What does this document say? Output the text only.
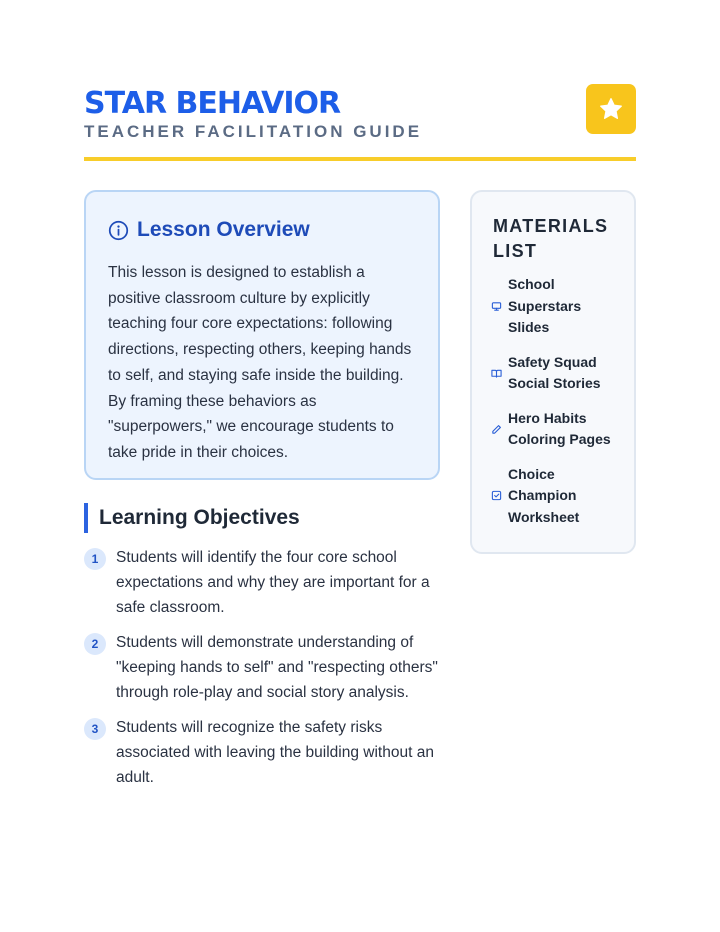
STAR BEHAVIOR
TEACHER FACILITATION GUIDE
Lesson Overview
This lesson is designed to establish a positive classroom culture by explicitly teaching four core expectations: following directions, respecting others, keeping hands to self, and staying safe inside the building. By framing these behaviors as "superpowers," we encourage students to take pride in their choices.
MATERIALS LIST
School Superstars Slides
Safety Squad Social Stories
Hero Habits Coloring Pages
Choice Champion Worksheet
Learning Objectives
1	Students will identify the four core school expectations and why they are important for a safe classroom.
2	Students will demonstrate understanding of "keeping hands to self" and "respecting others" through role-play and social story analysis.
3	Students will recognize the safety risks associated with leaving the building without an adult.
